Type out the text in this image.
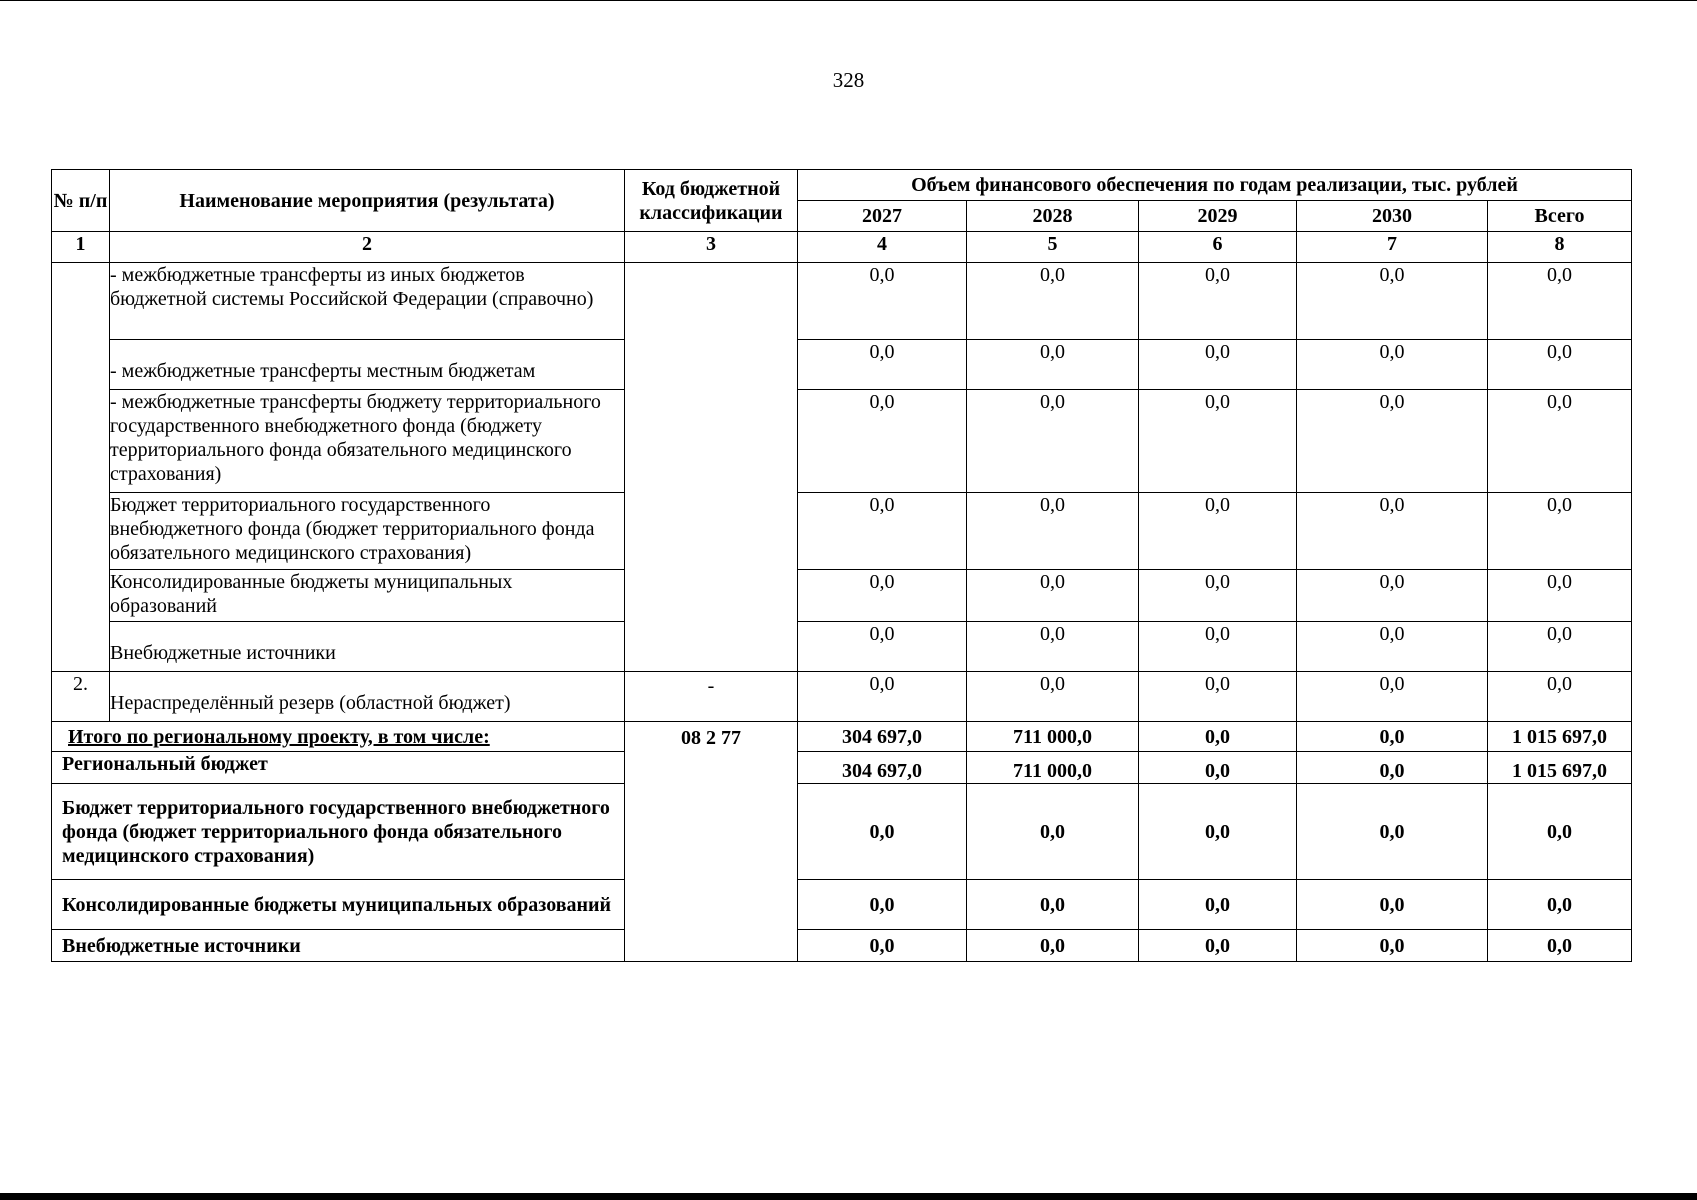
328
№ п/п	Наименование мероприятия (результата)	Код бюджетной классификации	Объем финансового обеспечения по годам реализации, тыс. рублей				
			2027	2028	2029	2030	Всего
1	2	3	4	5	6	7	8
	- межбюджетные трансферты из иных бюджетов бюджетной системы Российской Федерации (справочно)		0,0	0,0	0,0	0,0	0,0
	- межбюджетные трансферты местным бюджетам		0,0	0,0	0,0	0,0	0,0
	- межбюджетные трансферты бюджету территориального государственного внебюджетного фонда (бюджету территориального фонда обязательного медицинского страхования)		0,0	0,0	0,0	0,0	0,0
	Бюджет территориального государственного внебюджетного фонда (бюджет территориального фонда обязательного медицинского страхования)		0,0	0,0	0,0	0,0	0,0
	Консолидированные бюджеты муниципальных образований		0,0	0,0	0,0	0,0	0,0
	Внебюджетные источники		0,0	0,0	0,0	0,0	0,0
2.	Нераспределённый резерв (областной бюджет)	-	0,0	0,0	0,0	0,0	0,0
Итого по региональному проекту, в том числе:		08 2 77	304 697,0	711 000,0	0,0	0,0	1 015 697,0
Региональный бюджет			304 697,0	711 000,0	0,0	0,0	1 015 697,0
Бюджет территориального государственного внебюджетного фонда (бюджет территориального фонда обязательного медицинского страхования)			0,0	0,0	0,0	0,0	0,0
Консолидированные бюджеты муниципальных образований			0,0	0,0	0,0	0,0	0,0
Внебюджетные источники			0,0	0,0	0,0	0,0	0,0
